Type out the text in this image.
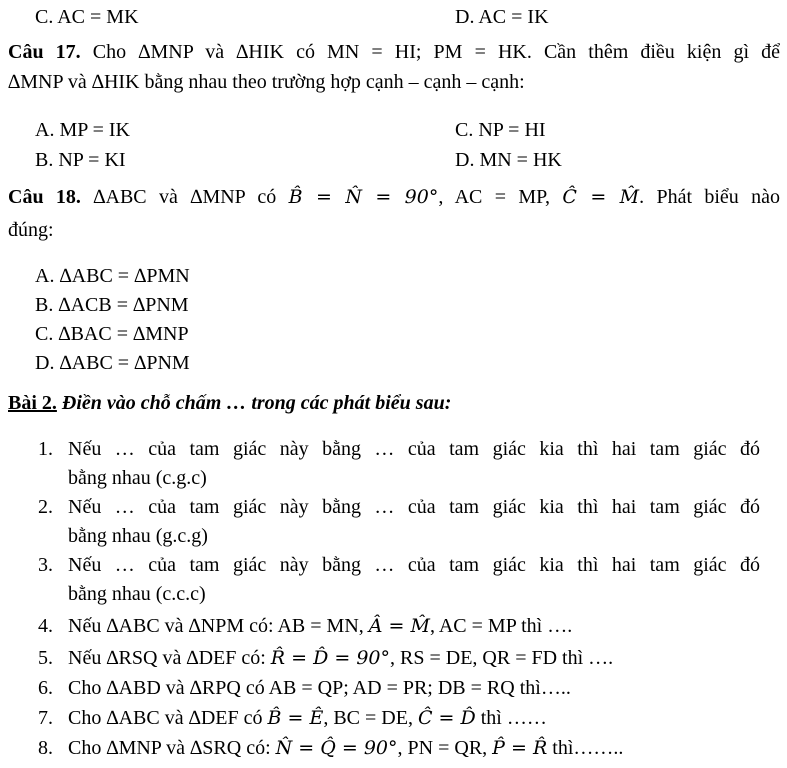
C. AC = MK	D. AC = IK
Câu 17. Cho ∆MNP và ∆HIK có MN = HI; PM = HK. Cần thêm điều kiện gì để
∆MNP và ∆HIK bằng nhau theo trường hợp cạnh – cạnh – cạnh:
A. MP = IK	C. NP = HI
B. NP = KI	D. MN = HK
Câu 18. ∆ABC và ∆MNP có B̂ = N̂ = 90°, AC = MP, Ĉ = M̂. Phát biểu nào
đúng:
A. ∆ABC = ∆PMN
B. ∆ACB = ∆PNM
C. ∆BAC = ∆MNP
D. ∆ABC = ∆PNM
Bài 2. Điền vào chỗ chấm … trong các phát biểu sau:
1. Nếu … của tam giác này bằng … của tam giác kia thì hai tam giác đó
bằng nhau (c.g.c)
2. Nếu … của tam giác này bằng … của tam giác kia thì hai tam giác đó
bằng nhau (g.c.g)
3. Nếu … của tam giác này bằng … của tam giác kia thì hai tam giác đó
bằng nhau (c.c.c)
4. Nếu ∆ABC và ∆NPM có: AB = MN, Â = M̂, AC = MP thì ….
5. Nếu ∆RSQ và ∆DEF có: R̂ = D̂ = 90°, RS = DE, QR = FD thì ….
6. Cho ∆ABD và ∆RPQ có AB = QP; AD = PR; DB = RQ thì…..
7. Cho ∆ABC và ∆DEF có B̂ = Ê, BC = DE, Ĉ = D̂ thì ……
8. Cho ∆MNP và ∆SRQ có: N̂ = Q̂ = 90°, PN = QR, P̂ = R̂ thì……..
